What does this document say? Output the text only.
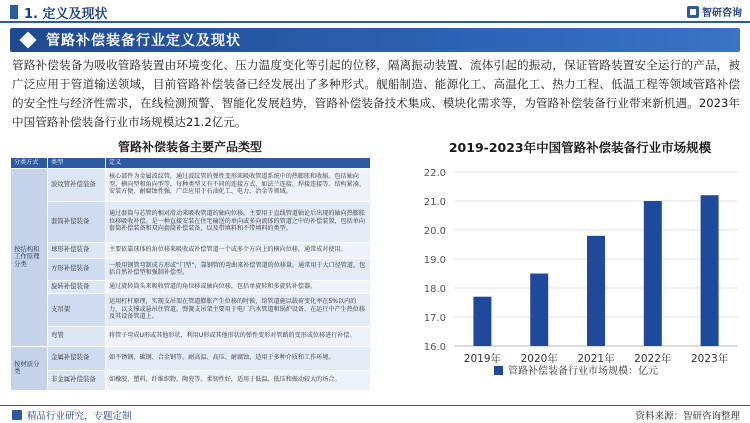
1. 定义及现状	智研咨询
管路补偿装备行业定义及现状
管路补偿装备为吸收管路装置由环境变化、压力温度变化等引起的位移，隔离振动装置、流体引起的振动，保证管路装置安全运行的产品，被广泛应用于管道输送领域，目前管路补偿装备已经发展出了多种形式。舰船制造、能源化工、高温化工、热力工程、低温工程等领域管路补偿的安全性与经济性需求，在线检测预警、智能化发展趋势，管路补偿装备技术集成、模块化需求等，为管路补偿装备行业带来新机遇。2023年中国管路补偿装备行业市场规模达21.2亿元。
管路补偿装备主要产品类型
分类方式	类型	定义
按结构和工作原理分类	波纹管补偿装备	核心部件为金属波纹管，通过波纹管的弹性变形来吸收管道系统中的热膨胀和收缩。包括轴向型、横向型和角向型等，每种类型又有不同的连接方式，如法兰连接、焊接连接等。结构紧凑、安装方便、耐腐蚀性强，广泛应用于石油化工、电力、冶金等领域。
	套筒补偿装备	通过套筒与芯管的相对滑动来吸收管道的轴向位移。主要用于直线管道轴论后出现的轴向热膨胀位移吸收补偿。是一种直接安装在住宅输送的单向或多向流体的管道之中的补偿装置，包括单向套筒补偿装备和双向套筒补偿装备，以及带填料和不带填料的类型。
	球形补偿装备	主要依靠球体的角位移来吸收或补偿管道一个或多个方向上的横向位移，通常成对使用。
	方形补偿装备	一般用钢管弯制成方形或“门型”，靠钢管的弯曲来补偿管道的位移量。通常用于大口径管道，包括自然补偿型和强制补偿型。
	旋转补偿装备	通过旋转筒头来吸收管道的角位移或轴向位移，包括单旋转和多旋转补偿器。
	支吊架	运用杠杆原理，实现支吊架在管道膨胀产生位移的时候，给管道施以载荷变化率在5%以内的力，以支撑或悬吊住管道。弹簧支吊架主要用于电厂汽水管道和锅炉设备、在运行中产生热位移及其设备管道上。
	弯管	将管子弯成U形或其他形状，利用U形或其他形状的弹性变形对管路的变形或位移进行补偿。
按材质分类	金属补偿装备	如不锈钢、碳钢、合金钢等。耐高温、高压、耐腐蚀，适用于多种介质和工作环境。
	非金属补偿装备	如橡胶、塑料、纤维织物、陶瓷等。柔韧性好，适用于低温、低压和振动较大的场合。
2019-2023年中国管路补偿装备行业市场规模
16.0
17.0
18.0
19.0
20.0
21.0
22.0
2019年 2020年 2021年 2022年 2023年
管路补偿装备行业市场规模：亿元
精品行业研究，专题定制	资料来源：智研咨询整理
